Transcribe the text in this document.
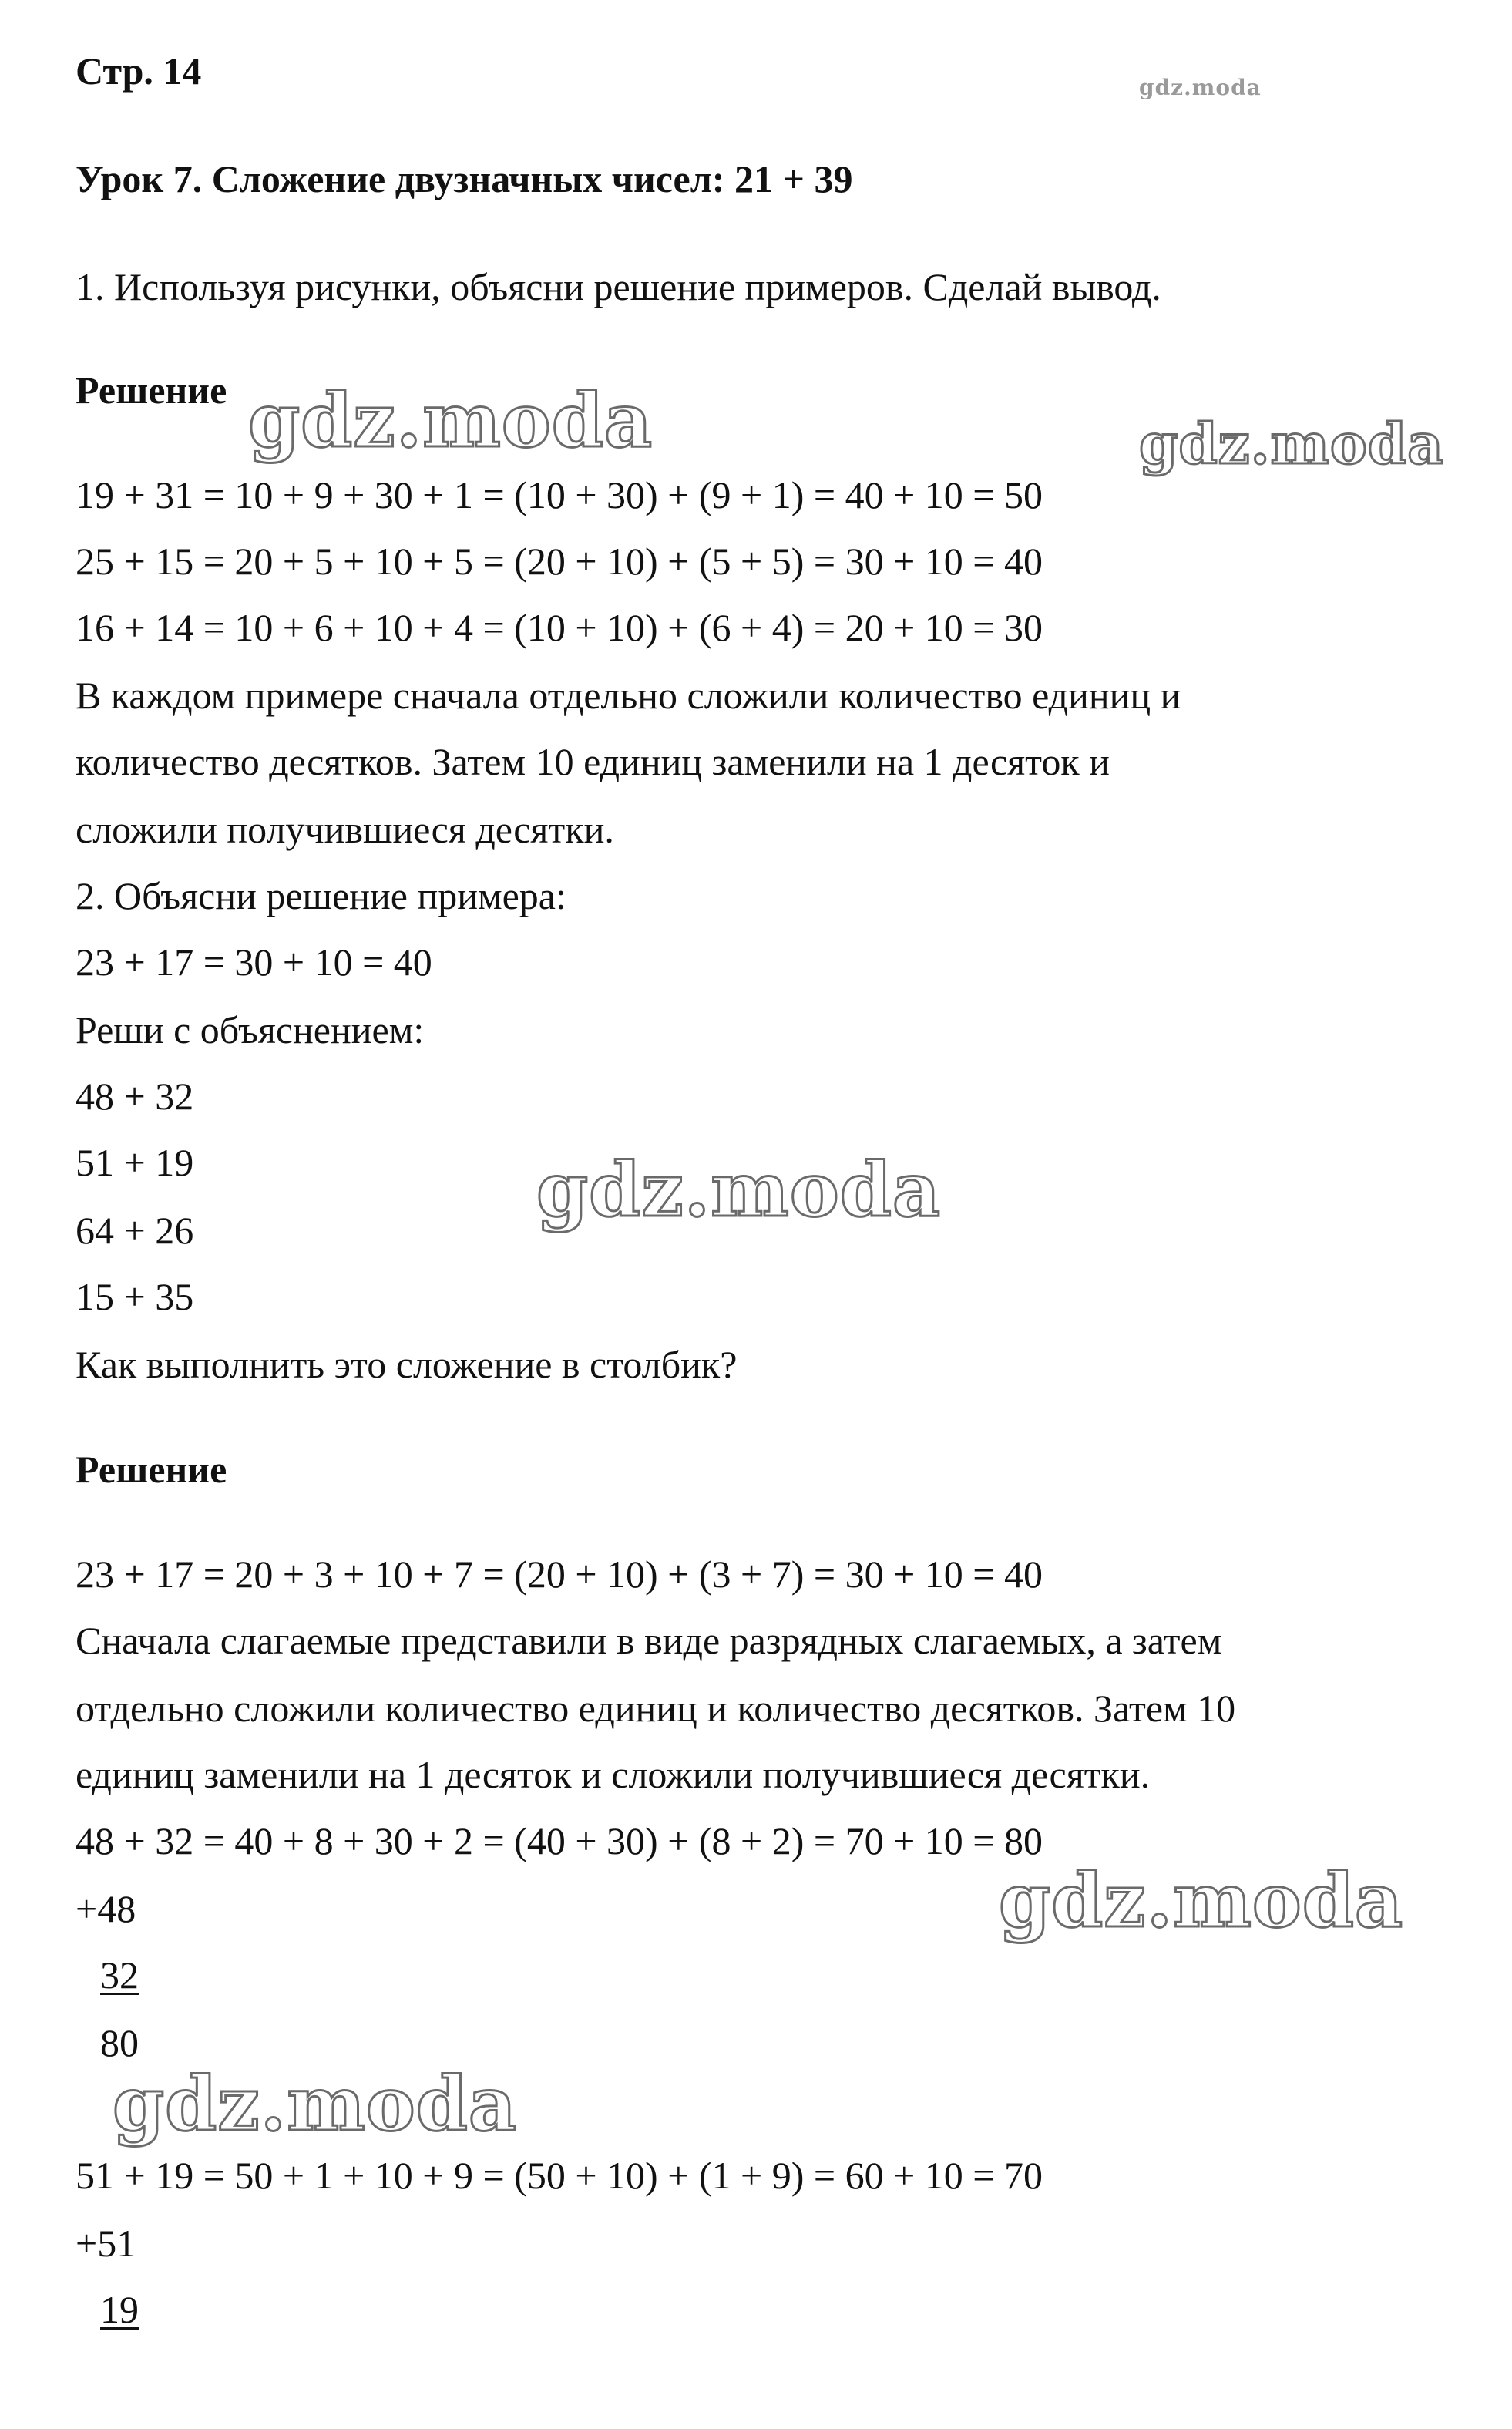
Стр. 14	gdz.moda
Урок 7. Сложение двузначных чисел: 21 + 39
1. Используя рисунки, объясни решение примеров. Сделай вывод.
Решение
19 + 31 = 10 + 9 + 30 + 1 = (10 + 30) + (9 + 1) = 40 + 10 = 50
25 + 15 = 20 + 5 + 10 + 5 = (20 + 10) + (5 + 5) = 30 + 10 = 40
16 + 14 = 10 + 6 + 10 + 4 = (10 + 10) + (6 + 4) = 20 + 10 = 30
В каждом примере сначала отдельно сложили количество единиц и
количество десятков. Затем 10 единиц заменили на 1 десяток и
сложили получившиеся десятки.
2. Объясни решение примера:
23 + 17 = 30 + 10 = 40
Реши с объяснением:
48 + 32
51 + 19
64 + 26
15 + 35
Как выполнить это сложение в столбик?
Решение
23 + 17 = 20 + 3 + 10 + 7 = (20 + 10) + (3 + 7) = 30 + 10 = 40
Сначала слагаемые представили в виде разрядных слагаемых, а затем
отдельно сложили количество единиц и количество десятков. Затем 10
единиц заменили на 1 десяток и сложили получившиеся десятки.
48 + 32 = 40 + 8 + 30 + 2 = (40 + 30) + (8 + 2) = 70 + 10 = 80
+48
32
80
51 + 19 = 50 + 1 + 10 + 9 = (50 + 10) + (1 + 9) = 60 + 10 = 70
+51
19
gdz.moda	gdz.moda
gdz.moda
gdz.moda
gdz.moda
